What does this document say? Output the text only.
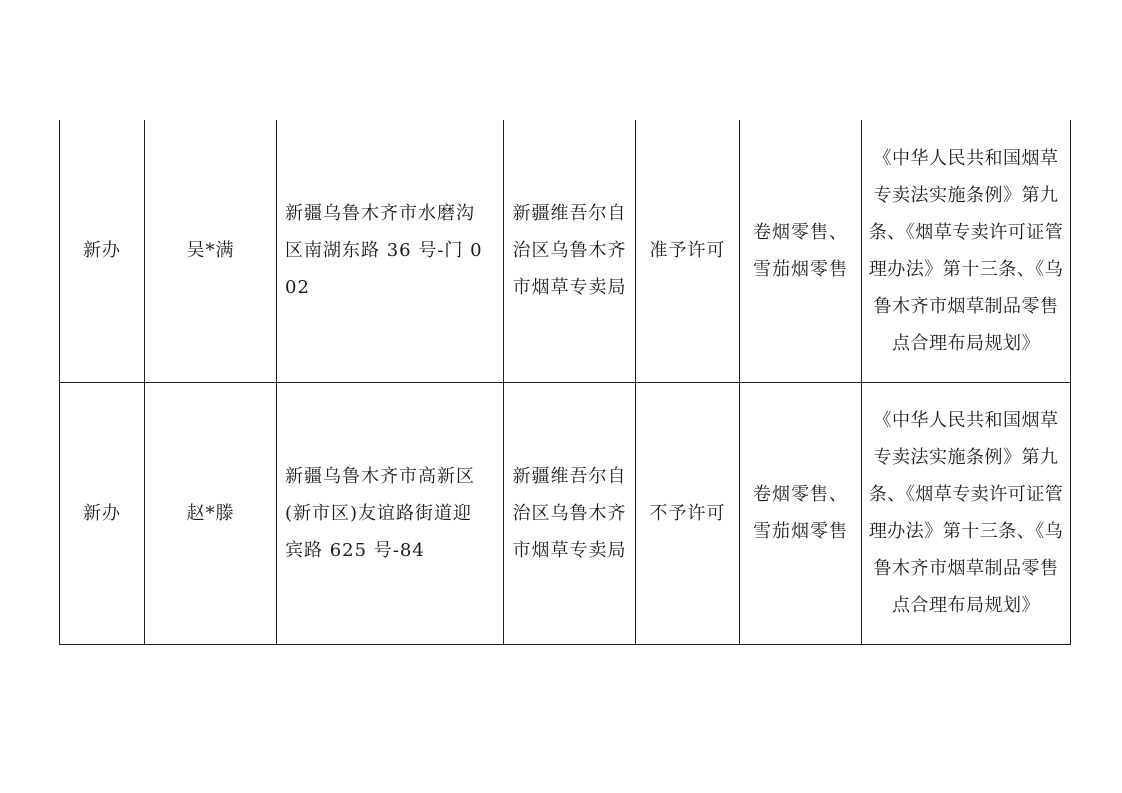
新办	吴*满	新疆乌鲁木齐市水磨沟区南湖东路 36 号-门 002	新疆维吾尔自治区乌鲁木齐市烟草专卖局	准予许可	卷烟零售、雪茄烟零售	《中华人民共和国烟草专卖法实施条例》第九条、《烟草专卖许可证管理办法》第十三条、《乌鲁木齐市烟草制品零售点合理布局规划》

新办	赵*滕	新疆乌鲁木齐市高新区(新市区)友谊路街道迎宾路 625 号-84	新疆维吾尔自治区乌鲁木齐市烟草专卖局	不予许可	卷烟零售、雪茄烟零售	《中华人民共和国烟草专卖法实施条例》第九条、《烟草专卖许可证管理办法》第十三条、《乌鲁木齐市烟草制品零售点合理布局规划》
